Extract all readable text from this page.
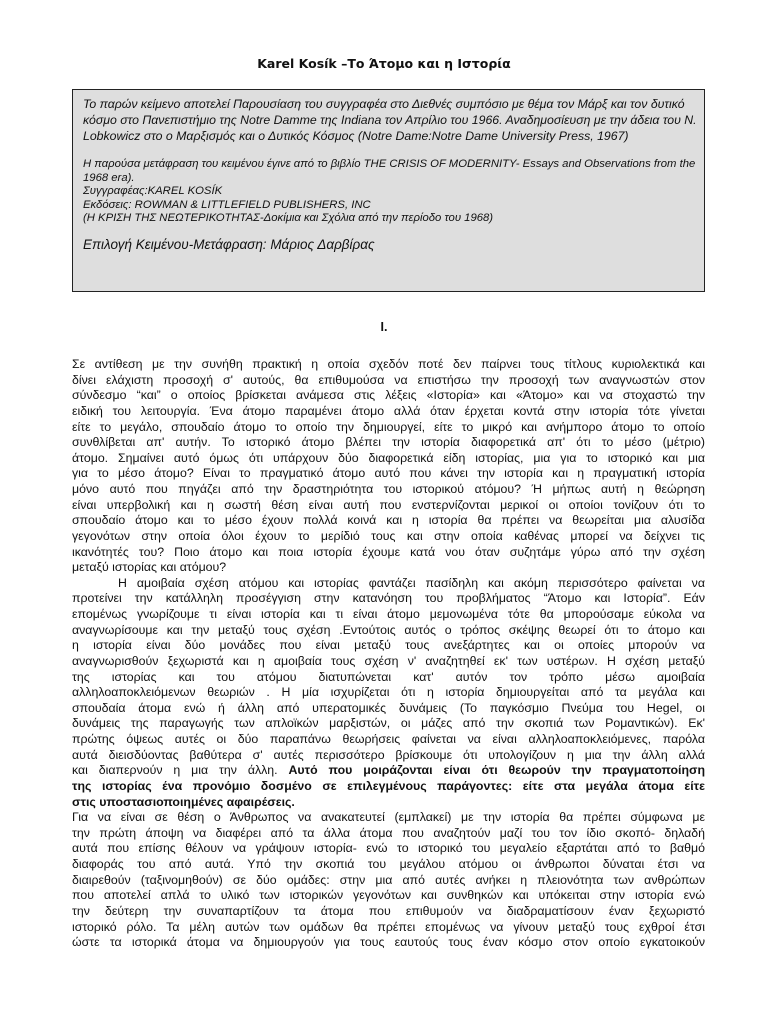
Karel Kosík –Το Άτομο και η Ιστορία

Το παρών κείμενο αποτελεί Παρουσίαση του συγγραφέα στο Διεθνές συμπόσιο με θέμα τον Μάρξ και τον δυτικό κόσμο στο Πανεπιστήμιο της Notre Damme της Indiana τον Απρίλιο του 1966. Αναδημοσίευση με την άδεια του N. Lobkowicz στο ο Μαρξισμός και ο Δυτικός Κόσμος (Notre Dame:Notre Dame University Press, 1967)

Η παρούσα μετάφραση του κειμένου έγινε από το βιβλίο THE CRISIS OF MODERNITY- Essays and Observations from the 1968 era).
Συγγραφέας:KAREL KOSÍK
Εκδόσεις: ROWMAN & LITTLEFIELD PUBLISHERS, INC
(Η ΚΡΙΣΗ ΤΗΣ ΝΕΩΤΕΡΙΚΟΤΗΤΑΣ-Δοκίμια και Σχόλια από την περίοδο του 1968)

Επιλογή Κειμένου-Μετάφραση: Μάριος Δαρβίρας

I.
Σε αντίθεση με την συνήθη πρακτική η οποία σχεδόν ποτέ δεν παίρνει τους τίτλους κυριολεκτικά και
δίνει ελάχιστη προσοχή σ' αυτούς, θα επιθυμούσα να επιστήσω την προσοχή των αναγνωστών στον
σύνδεσμο “και” ο οποίος βρίσκεται ανάμεσα στις λέξεις «Ιστορία» και «Άτομο» και να στοχαστώ την
ειδική του λειτουργία. Ένα άτομο παραμένει άτομο αλλά όταν έρχεται κοντά στην ιστορία τότε γίνεται
είτε το μεγάλο, σπουδαίο άτομο το οποίο την δημιουργεί, είτε το μικρό και ανήμπορο άτομο το οποίο
συνθλίβεται απ' αυτήν. Το ιστορικό άτομο βλέπει την ιστορία διαφορετικά απ' ότι το μέσο (μέτριο)
άτομο. Σημαίνει αυτό όμως ότι υπάρχουν δύο διαφορετικά είδη ιστορίας, μια για το ιστορικό και μια
για το μέσο άτομο? Είναι το πραγματικό άτομο αυτό που κάνει την ιστορία και η πραγματική ιστορία
μόνο αυτό που πηγάζει από την δραστηριότητα του ιστορικού ατόμου? Ή μήπως αυτή η θεώρηση
είναι υπερβολική και η σωστή θέση είναι αυτή που ενστερνίζονται μερικοί οι οποίοι τονίζουν ότι το
σπουδαίο άτομο και το μέσο έχουν πολλά κοινά και η ιστορία θα πρέπει να θεωρείται μια αλυσίδα
γεγονότων στην οποία όλοι έχουν το μερίδιό τους και στην οποία καθένας μπορεί να δείχνει τις
ικανότητές του? Ποιο άτομο και ποια ιστορία έχουμε κατά νου όταν συζητάμε γύρω από την σχέση
μεταξύ ιστορίας και ατόμου?
Η αμοιβαία σχέση ατόμου και ιστορίας φαντάζει πασίδηλη και ακόμη περισσότερο φαίνεται να
προτείνει την κατάλληλη προσέγγιση στην κατανόηση του προβλήματος “Άτομο και Ιστορία”. Εάν
επομένως γνωρίζουμε τι είναι ιστορία και τι είναι άτομο μεμονωμένα τότε θα μπορούσαμε εύκολα να
αναγνωρίσουμε και την μεταξύ τους σχέση .Εντούτοις αυτός ο τρόπος σκέψης θεωρεί ότι το άτομο και
η ιστορία είναι δύο μονάδες που είναι μεταξύ τους ανεξάρτητες και οι οποίες μπορούν να
αναγνωρισθούν ξεχωριστά και η αμοιβαία τους σχέση ν' αναζητηθεί εκ' των υστέρων. Η σχέση μεταξύ
της ιστορίας και του ατόμου διατυπώνεται κατ' αυτόν τον τρόπο μέσω αμοιβαία
αλληλοαποκλειόμενων θεωριών . Η μία ισχυρίζεται ότι η ιστορία δημιουργείται από τα μεγάλα και
σπουδαία άτομα ενώ ή άλλη από υπερατομικές δυνάμεις (Το παγκόσμιο Πνεύμα του Hegel, οι
δυνάμεις της παραγωγής των απλοϊκών μαρξιστών, οι μάζες από την σκοπιά των Ρομαντικών). Εκ'
πρώτης όψεως αυτές οι δύο παραπάνω θεωρήσεις φαίνεται να είναι αλληλοαποκλειόμενες, παρόλα
αυτά διεισδύοντας βαθύτερα σ' αυτές περισσότερο βρίσκουμε ότι υπολογίζουν η μια την άλλη αλλά
και διαπερνούν η μια την άλλη. Αυτό που μοιράζονται είναι ότι θεωρούν την πραγματοποίηση
της ιστορίας ένα προνόμιο δοσμένο σε επιλεγμένους παράγοντες: είτε στα μεγάλα άτομα είτε
στις υποστασιοποιημένες αφαιρέσεις.
Για να είναι σε θέση ο Άνθρωπος να ανακατευτεί (εμπλακεί) με την ιστορία θα πρέπει σύμφωνα με
την πρώτη άποψη να διαφέρει από τα άλλα άτομα που αναζητούν μαζί του τον ίδιο σκοπό- δηλαδή
αυτά που επίσης θέλουν να γράψουν ιστορία- ενώ το ιστορικό του μεγαλείο εξαρτάται από το βαθμό
διαφοράς του από αυτά. Υπό την σκοπιά του μεγάλου ατόμου οι άνθρωποι δύναται έτσι να
διαιρεθούν (ταξινομηθούν) σε δύο ομάδες: στην μια από αυτές ανήκει η πλειονότητα των ανθρώπων
που αποτελεί απλά το υλικό των ιστορικών γεγονότων και συνθηκών και υπόκειται στην ιστορία ενώ
την δεύτερη την συναπαρτίζουν τα άτομα που επιθυμούν να διαδραματίσουν έναν ξεχωριστό
ιστορικό ρόλο. Τα μέλη αυτών των ομάδων θα πρέπει επομένως να γίνουν μεταξύ τους εχθροί έτσι
ώστε τα ιστορικά άτομα να δημιουργούν για τους εαυτούς τους έναν κόσμο στον οποίο εγκατοικούν
